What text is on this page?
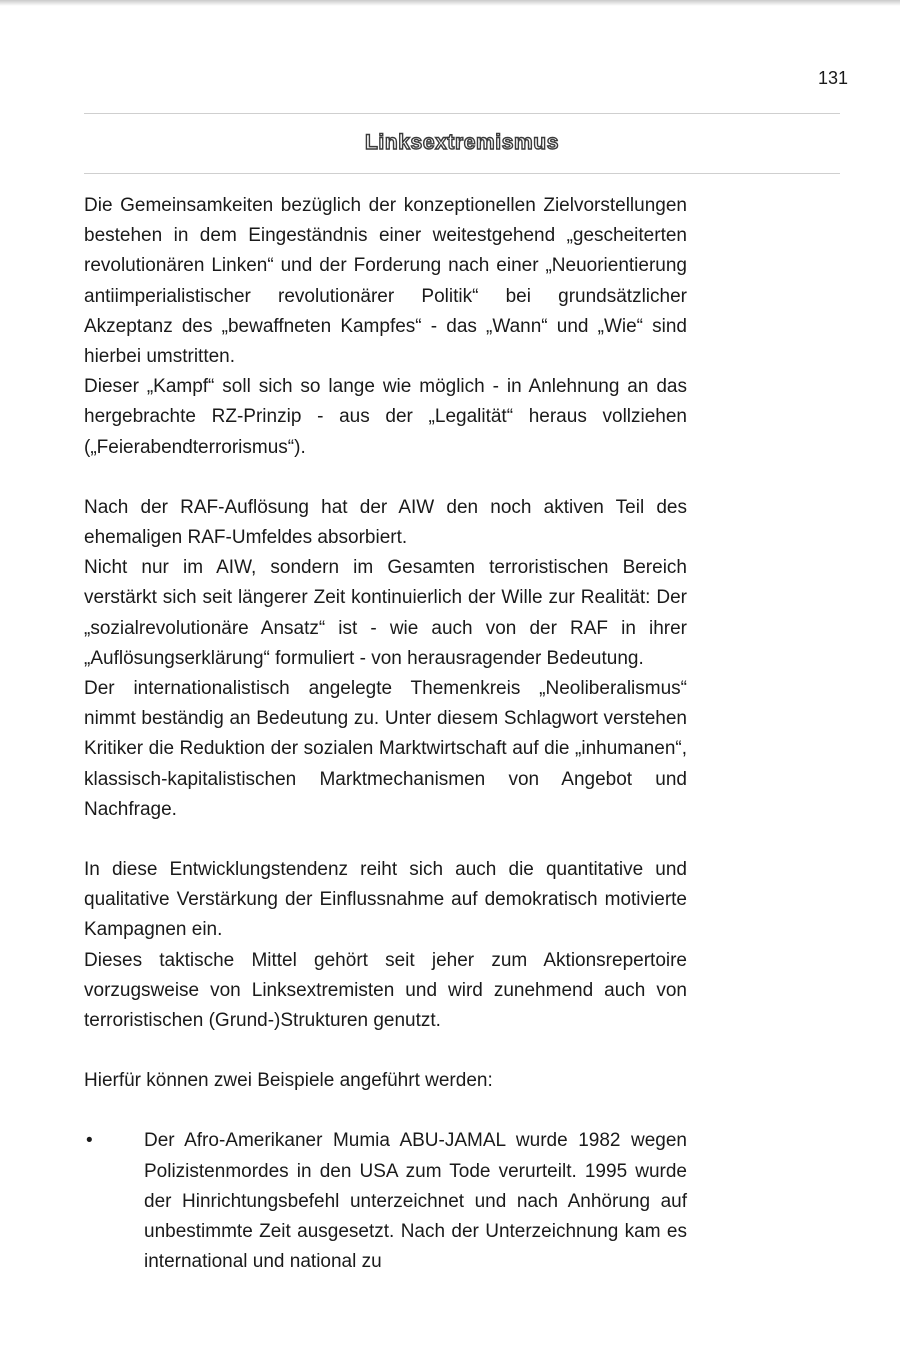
131
Linksextremismus

Die Gemeinsamkeiten bezüglich der konzeptionellen Zielvorstellungen bestehen in dem Eingeständnis einer weitestgehend „gescheiterten revolutionären Linken“ und der Forderung nach einer „Neuorientierung antiimperialistischer revolutionärer Politik“ bei grundsätzlicher Akzeptanz des „bewaffneten Kampfes“ - das „Wann“ und „Wie“ sind hierbei umstritten.

Dieser „Kampf“ soll sich so lange wie möglich - in Anlehnung an das hergebrachte RZ-Prinzip - aus der „Legalität“ heraus vollziehen („Feierabendterrorismus“).

Nach der RAF-Auflösung hat der AIW den noch aktiven Teil des ehemaligen RAF-Umfeldes absorbiert.

Nicht nur im AIW, sondern im Gesamten terroristischen Bereich verstärkt sich seit längerer Zeit kontinuierlich der Wille zur Realität: Der „sozialrevolutionäre Ansatz“ ist - wie auch von der RAF in ihrer „Auflösungserklärung“ formuliert - von herausragender Bedeutung.

Der internationalistisch angelegte Themenkreis „Neoliberalismus“ nimmt beständig an Bedeutung zu. Unter diesem Schlagwort verstehen Kritiker die Reduktion der sozialen Marktwirtschaft auf die „inhumanen“, klassisch-kapitalistischen Marktmechanismen von Angebot und Nachfrage.

In diese Entwicklungstendenz reiht sich auch die quantitative und qualitative Verstärkung der Einflussnahme auf demokratisch motivierte Kampagnen ein.

Dieses taktische Mittel gehört seit jeher zum Aktionsrepertoire vorzugsweise von Linksextremisten und wird zunehmend auch von terroristischen (Grund-)Strukturen genutzt.

Hierfür können zwei Beispiele angeführt werden:

•	Der Afro-Amerikaner Mumia ABU-JAMAL wurde 1982 wegen Polizistenmordes in den USA zum Tode verurteilt. 1995 wurde der Hinrichtungsbefehl unterzeichnet und nach Anhörung auf unbestimmte Zeit ausgesetzt. Nach der Unterzeichnung kam es international und national zu
